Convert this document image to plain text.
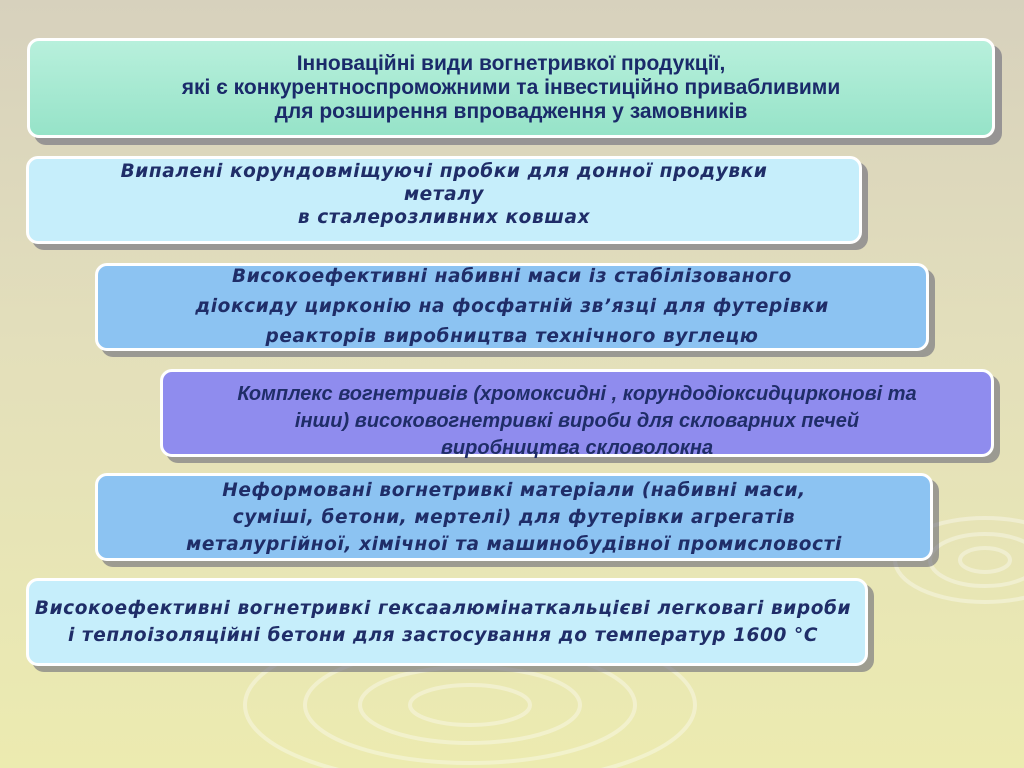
Інноваційні види вогнетривкої продукції,
які є конкурентноспроможними та інвестиційно привабливими
для розширення впровадження у замовників
Випалені корундовміщуючі пробки для донної продувки
металу
в сталерозливних ковшах
Високоефективні набивні маси із стабілізованого
діоксиду цирконію на фосфатній зв’язці для футерівки
реакторів виробництва технічного вуглецю
Комплекс вогнетривів (хромоксидні , корундодіоксидцирконові та
інши) високовогнетривкі вироби для скловарних печей
виробництва скловолокна
Неформовані вогнетривкі матеріали (набивні маси,
суміші, бетони, мертелі) для футерівки агрегатів
металургійної, хімічної та машинобудівної промисловості
Високоефективні вогнетривкі гексаалюмінаткальцієві легковагі вироби
і теплоізоляційні бетони для застосування до температур 1600 °С
